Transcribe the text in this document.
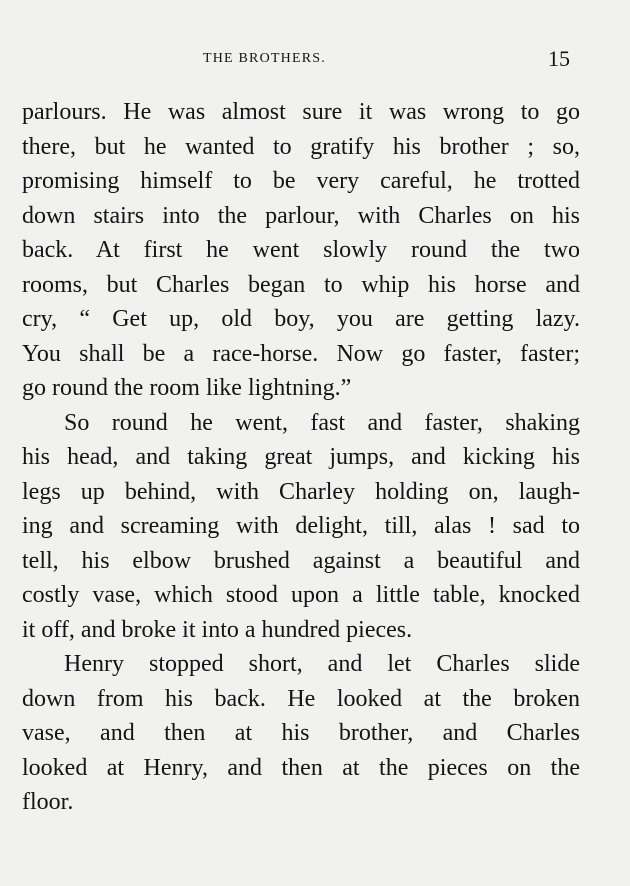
THE BROTHERS.	15
parlours. He was almost sure it was wrong to go
there, but he wanted to gratify his brother ; so,
promising himself to be very careful, he trotted
down stairs into the parlour, with Charles on his
back. At first he went slowly round the two
rooms, but Charles began to whip his horse and
cry, “ Get up, old boy, you are getting lazy.
You shall be a race-horse. Now go faster, faster;
go round the room like lightning.”
So round he went, fast and faster, shaking
his head, and taking great jumps, and kicking his
legs up behind, with Charley holding on, laugh-
ing and screaming with delight, till, alas ! sad to
tell, his elbow brushed against a beautiful and
costly vase, which stood upon a little table, knocked
it off, and broke it into a hundred pieces.
Henry stopped short, and let Charles slide
down from his back. He looked at the broken
vase, and then at his brother, and Charles
looked at Henry, and then at the pieces on the
floor.
